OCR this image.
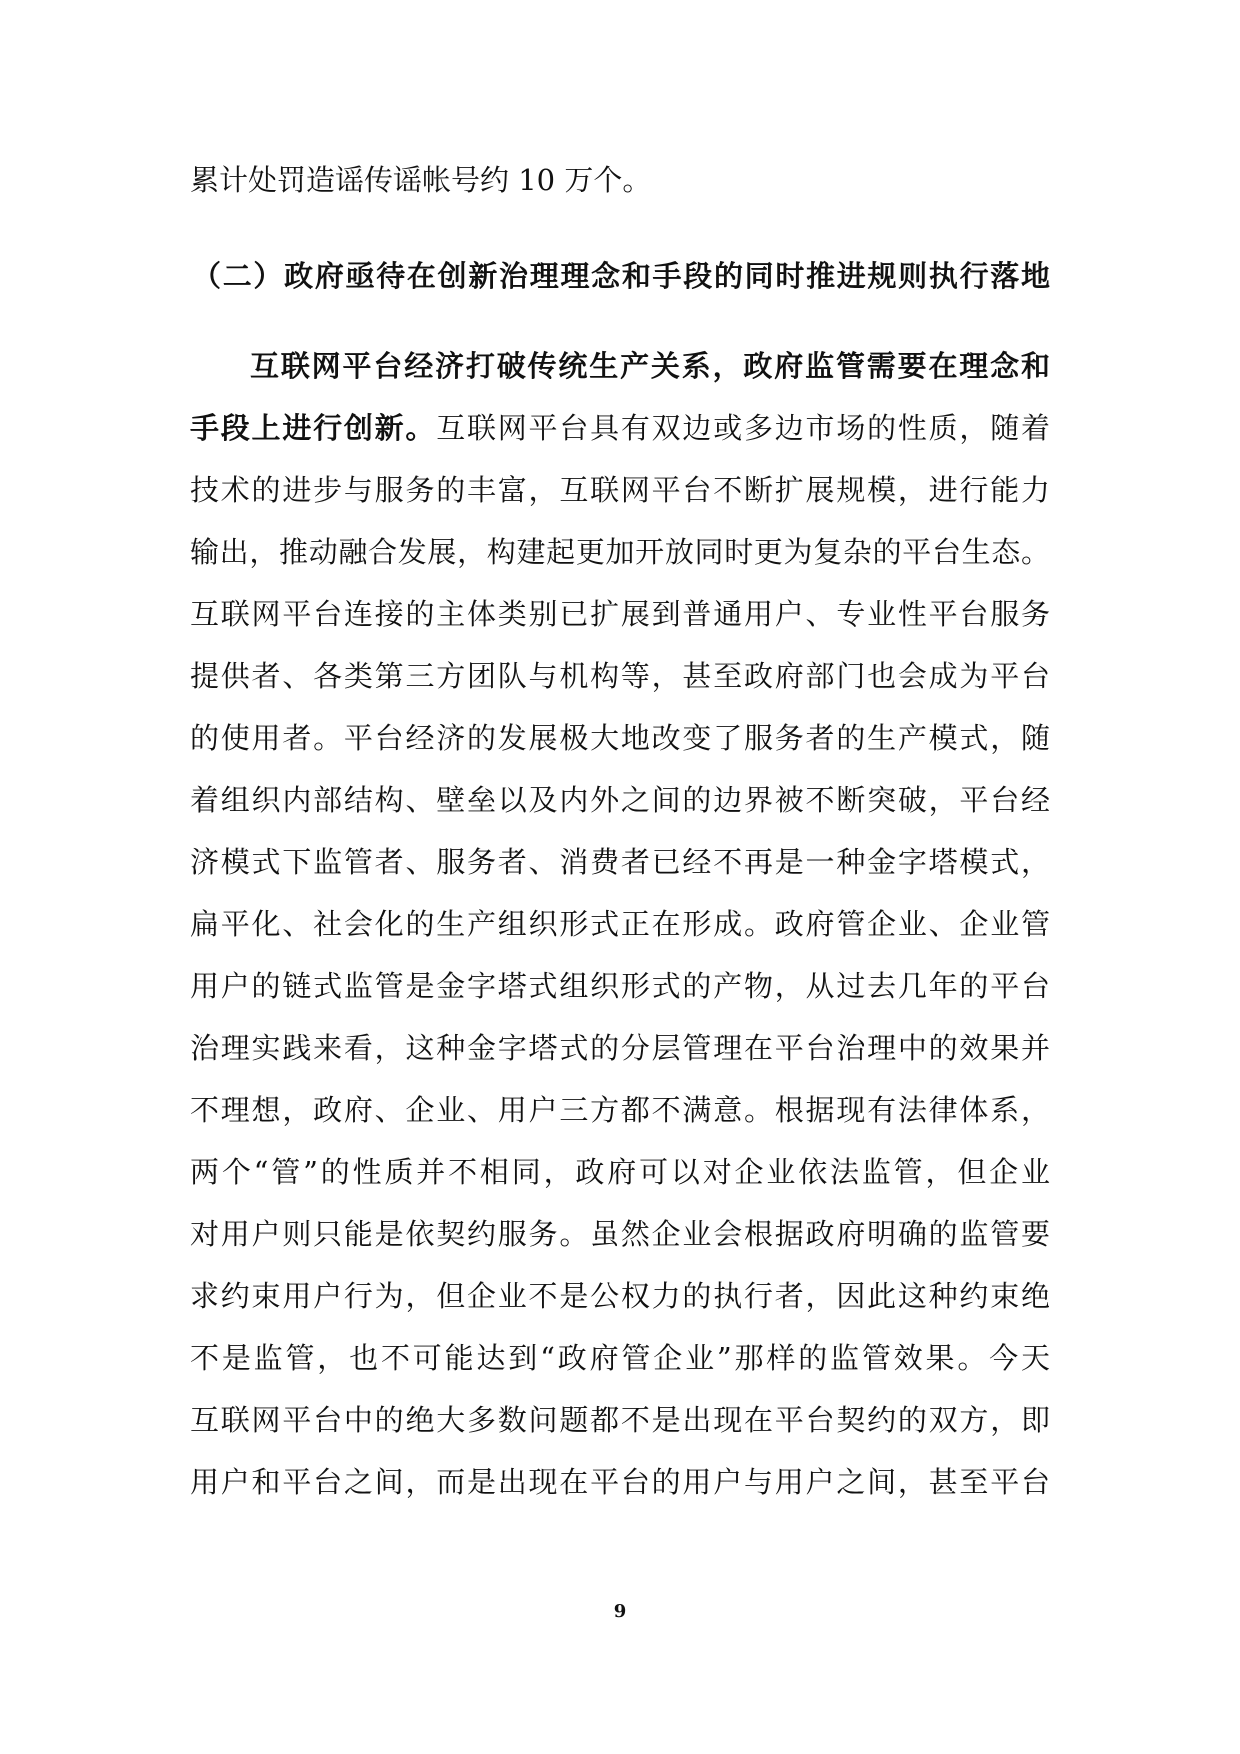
累计处罚造谣传谣帐号约 10 万个。
（二）政府亟待在创新治理理念和手段的同时推进规则执行落地
互联网平台经济打破传统生产关系，政府监管需要在理念和
手段上进行创新。互联网平台具有双边或多边市场的性质，随着
技术的进步与服务的丰富，互联网平台不断扩展规模，进行能力
输出，推动融合发展，构建起更加开放同时更为复杂的平台生态。
互联网平台连接的主体类别已扩展到普通用户、专业性平台服务
提供者、各类第三方团队与机构等，甚至政府部门也会成为平台
的使用者。平台经济的发展极大地改变了服务者的生产模式，随
着组织内部结构、壁垒以及内外之间的边界被不断突破，平台经
济模式下监管者、服务者、消费者已经不再是一种金字塔模式，
扁平化、社会化的生产组织形式正在形成。政府管企业、企业管
用户的链式监管是金字塔式组织形式的产物，从过去几年的平台
治理实践来看，这种金字塔式的分层管理在平台治理中的效果并
不理想，政府、企业、用户三方都不满意。根据现有法律体系，
两个“管”的性质并不相同，政府可以对企业依法监管，但企业
对用户则只能是依契约服务。虽然企业会根据政府明确的监管要
求约束用户行为，但企业不是公权力的执行者，因此这种约束绝
不是监管，也不可能达到“政府管企业”那样的监管效果。今天
互联网平台中的绝大多数问题都不是出现在平台契约的双方，即
用户和平台之间，而是出现在平台的用户与用户之间，甚至平台
9
